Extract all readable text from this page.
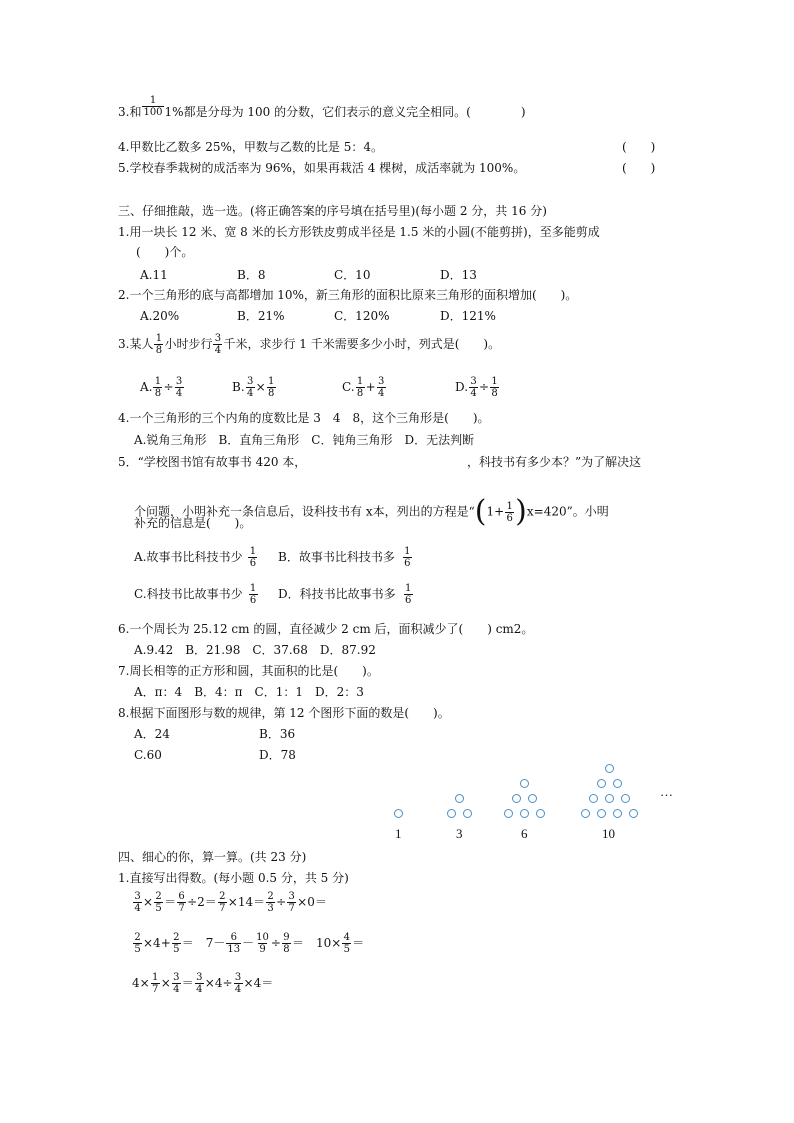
3.和 $\frac{1}{100} 1\%$都是分母为 100 的分数，它们表示的意义完全相同。(	)
4.甲数比乙数多 25%，甲数与乙数的比是 5：4。	(　　)
5.学校春季栽树的成活率为 96%，如果再栽活 4 棵树，成活率就为 100%。	(　　)
三、仔细推敲，选一选。(将正确答案的序号填在括号里)(每小题 2 分，共 16 分)
1.用一块长 12 米、宽 8 米的长方形铁皮剪成半径是 1.5 米的小圆(不能剪拼)，至多能剪成
(　　)个。
A.11	B．8	C．10	D．13
2.一个三角形的底与高都增加 10%，新三角形的面积比原来三角形的面积增加(　　)。
A.20%	B．21%	C．120%	D．121%
3.某人 $\frac{1}{8}$ 小时步行 $\frac{3}{4}$ 千米，求步行 1 千米需要多少小时，列式是(　　)。
A. $\frac{1}{8} \div \frac{3}{4}$	B. $\frac{3}{4} \times \frac{1}{8}$	C. $\frac{1}{8} + \frac{3}{4}$	D. $\frac{3}{4} \div \frac{1}{8}$
4.一个三角形的三个内角的度数比是 3　4　8，这个三角形是(　　)。
A.锐角三角形　B．直角三角形　C．钝角三角形　D．无法判断
5．“学校图书馆有故事书 420 本，	，科技书有多少本？”为了解决这
个问题，小明补充一条信息后，设科技书有 x本，列出的方程是“$(1+ \frac{1}{6} )x=420$”。小明
补充的信息是(　　)。
A.故事书比科技书少 $\frac{1}{6}$ B．故事书比科技书多 $\frac{1}{6}$
C.科技书比故事书少 $\frac{1}{6}$ D．科技书比故事书多 $\frac{1}{6}$
6.一个周长为 25.12 cm 的圆，直径减少 2 cm 后，面积减少了(　　) cm2。
A.9.42　B．21.98　C．37.68　D．87.92
7.周长相等的正方形和圆，其面积的比是(　　)。
A．π：4　B．4：π　C．1：1　D．2：3
8.根据下面图形与数的规律，第 12 个图形下面的数是(　　)。
A．24	B．36
C.60	D．78
1	3	6	10
…
四、细心的你，算一算。(共 23 分)
1.直接写出得数。(每小题 0.5 分，共 5 分)
$\frac{3}{4} \times \frac{2}{5} = \frac{6}{7} \div 2= \frac{2}{7} \times 14= \frac{2}{3} \div \frac{3}{7} \times 0=$
$\frac{2}{5} \times 4+ \frac{2}{5}$ ＝　$7- \frac{6}{13} - \frac{10}{9} \div \frac{9}{8}$ ＝　$10\times \frac{4}{5}$ ＝
$4\times \frac{1}{7} \times \frac{3}{4} = \frac{3}{4} \times 4\div \frac{3}{4} \times 4=$
